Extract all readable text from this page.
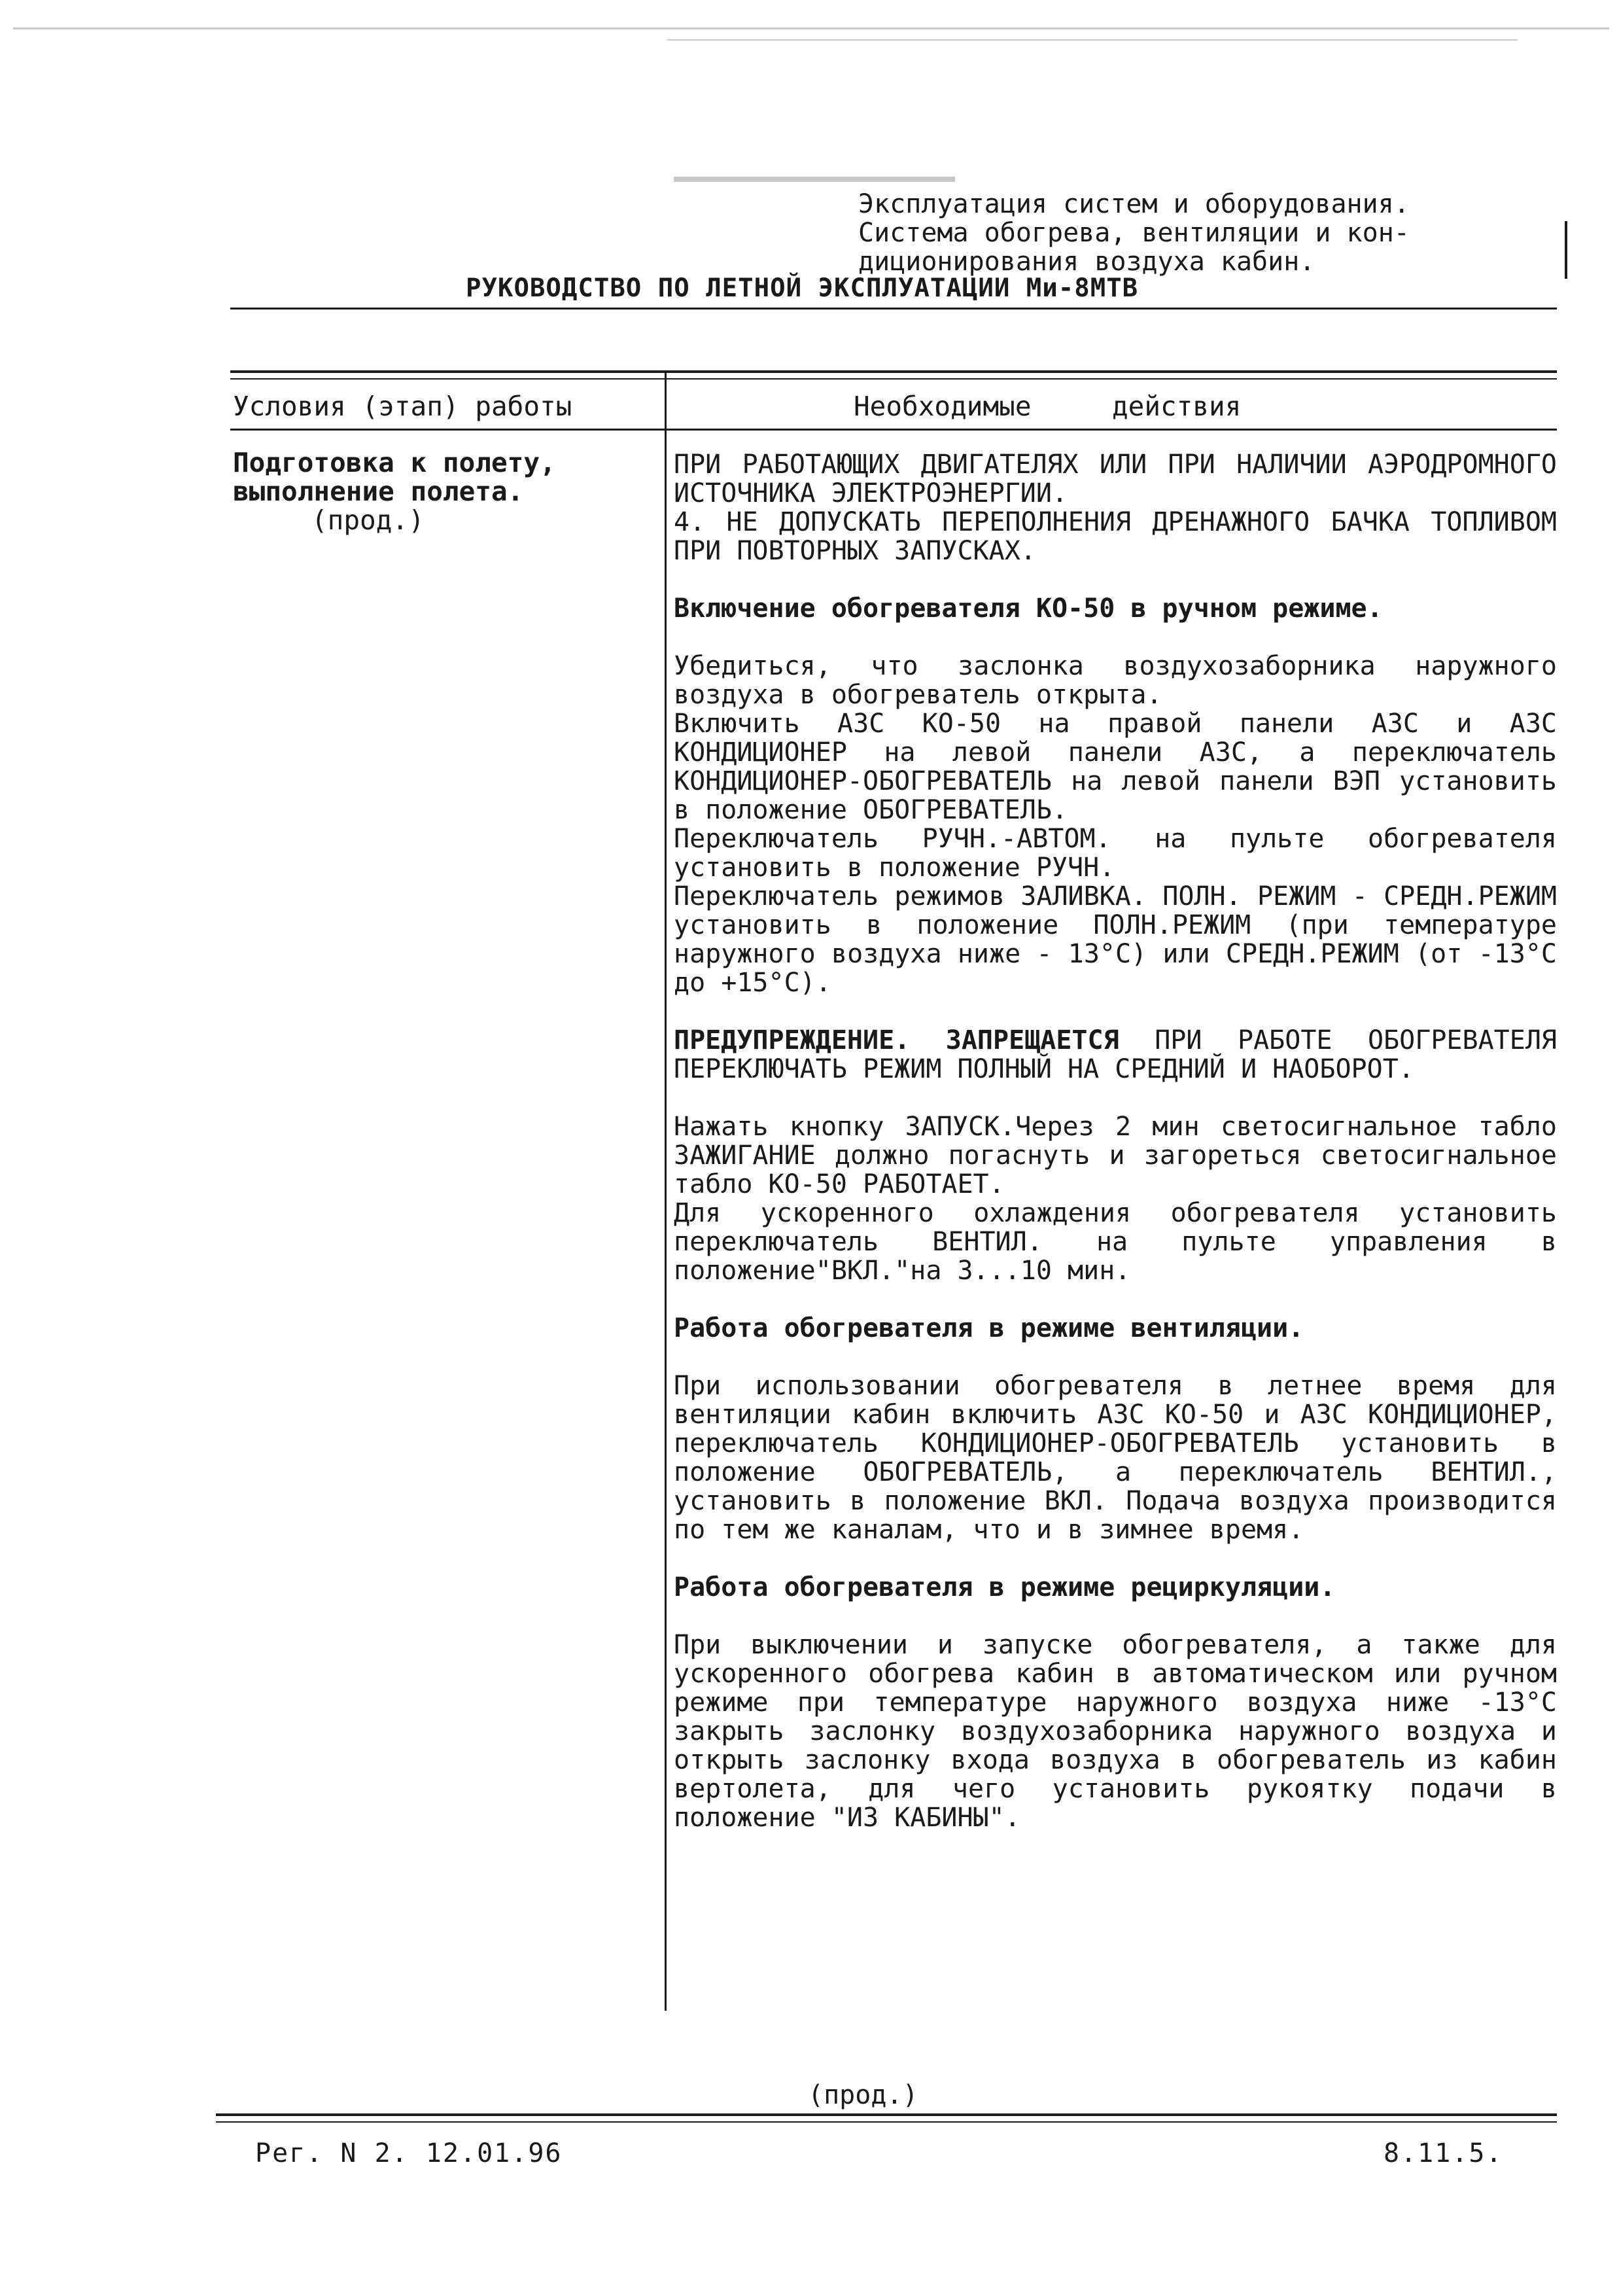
Эксплуатация систем и оборудования.
Система обогрева, вентиляции и кон-
диционирования воздуха кабин.
РУКОВОДСТВО ПО ЛЕТНОЙ ЭКСПЛУАТАЦИИ Ми-8МТВ
Условия (этап) работы	Необходимые     действия
Подготовка к полету,
выполнение полета.
(прод.)
ПРИ РАБОТАЮЩИХ ДВИГАТЕЛЯХ ИЛИ ПРИ НАЛИЧИИ АЭРОДРОМНОГО ИСТОЧНИКА ЭЛЕКТРОЭНЕРГИИ.
4. НЕ ДОПУСКАТЬ ПЕРЕПОЛНЕНИЯ ДРЕНАЖНОГО БАЧКА ТОПЛИВОМ ПРИ ПОВТОРНЫХ ЗАПУСКАХ.
Включение обогревателя КО-50 в ручном режиме.
Убедиться, что заслонка воздухозаборника наружного воздуха в обогреватель открыта.
Включить АЗС КО-50 на правой панели АЗС и АЗС КОНДИЦИОНЕР на левой панели АЗС, а переключатель КОНДИЦИОНЕР-ОБОГРЕВАТЕЛЬ на левой панели ВЭП установить в положение ОБОГРЕВАТЕЛЬ.
Переключатель РУЧН.-АВТОМ. на пульте обогревателя установить в положение РУЧН.
Переключатель режимов ЗАЛИВКА. ПОЛН. РЕЖИМ - СРЕДН.РЕЖИМ установить в положение ПОЛН.РЕЖИМ (при температуре наружного воздуха ниже - 13°С) или СРЕДН.РЕЖИМ (от -13°С до +15°С).
ПРЕДУПРЕЖДЕНИЕ. ЗАПРЕЩАЕТСЯ ПРИ РАБОТЕ ОБОГРЕВАТЕЛЯ ПЕРЕКЛЮЧАТЬ РЕЖИМ ПОЛНЫЙ НА СРЕДНИЙ И НАОБОРОТ.
Нажать кнопку ЗАПУСК.Через 2 мин светосигнальное табло ЗАЖИГАНИЕ должно погаснуть и загореться светосигнальное табло КО-50 РАБОТАЕТ.
Для ускоренного охлаждения обогревателя установить переключатель ВЕНТИЛ. на пульте управления в положение"ВКЛ."на 3...10 мин.
Работа обогревателя в режиме вентиляции.
При использовании обогревателя в летнее время для вентиляции кабин включить АЗС КО-50 и АЗС КОНДИЦИОНЕР, переключатель КОНДИЦИОНЕР-ОБОГРЕВАТЕЛЬ установить в положение ОБОГРЕВАТЕЛЬ, а переключатель ВЕНТИЛ., установить в положение ВКЛ. Подача воздуха производится по тем же каналам, что и в зимнее время.
Работа обогревателя в режиме рециркуляции.
При выключении и запуске обогревателя, а также для ускоренного обогрева кабин в автоматическом или ручном режиме при температуре наружного воздуха ниже -13°С закрыть заслонку воздухозаборника наружного воздуха и открыть заслонку входа воздуха в обогреватель из кабин вертолета, для чего установить рукоятку подачи в положение "ИЗ КАБИНЫ".
(прод.)
Рег. N 2. 12.01.96	8.11.5.
